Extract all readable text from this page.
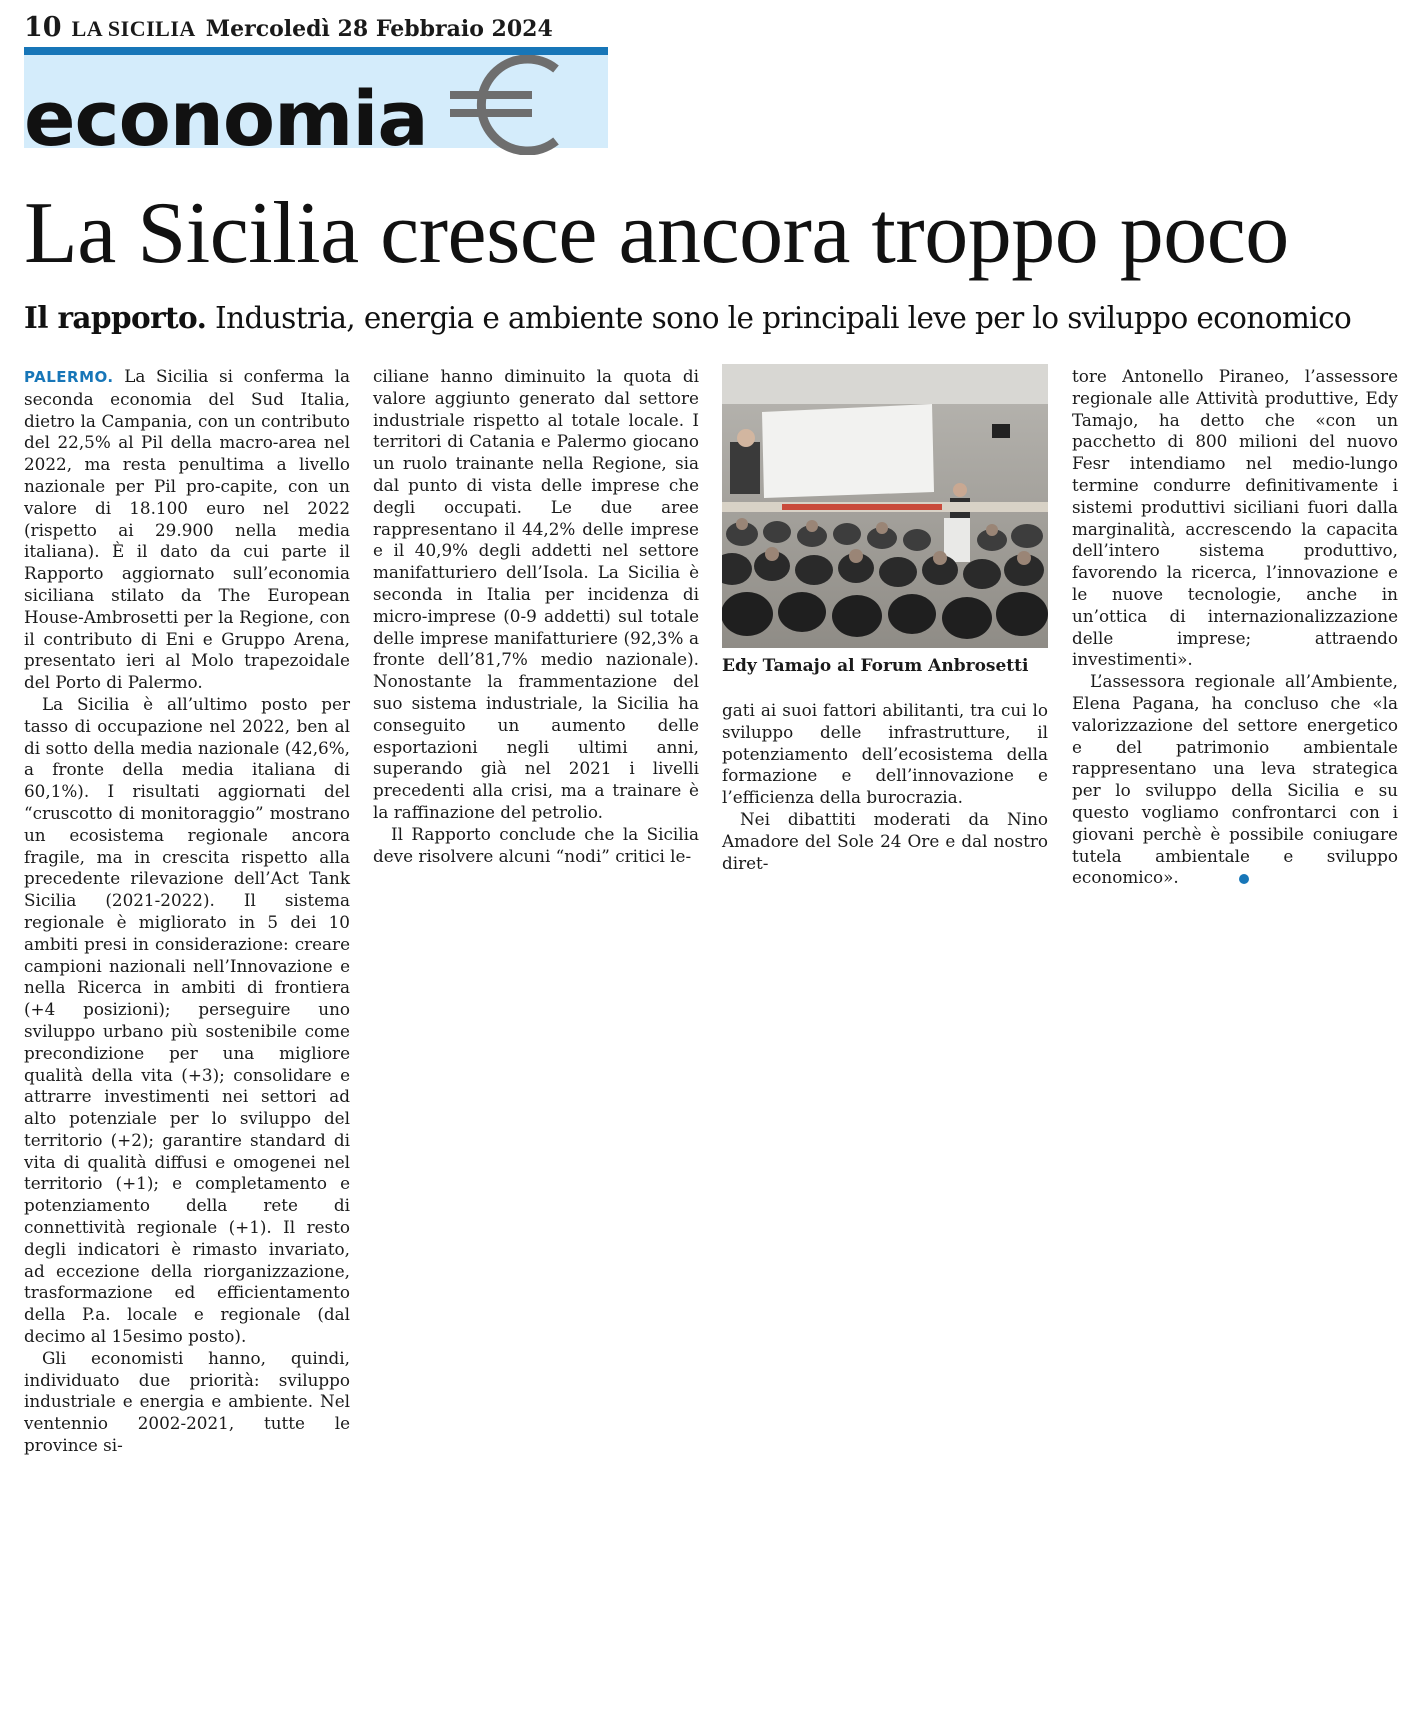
10 LA SICILIA Mercoledì 28 Febbraio 2024
economia
La Sicilia cresce ancora troppo poco
Il rapporto. Industria, energia e ambiente sono le principali leve per lo sviluppo economico

PALERMO. La Sicilia si conferma la seconda economia del Sud Italia, dietro la Campania, con un contributo del 22,5% al Pil della macro-area nel 2022, ma resta penultima a livello nazionale per Pil pro-capite, con un valore di 18.100 euro nel 2022 (rispetto ai 29.900 nella media italiana). È il dato da cui parte il Rapporto aggiornato sull’economia siciliana stilato da The European House-Ambrosetti per la Regione, con il contributo di Eni e Gruppo Arena, presentato ieri al Molo trapezoidale del Porto di Palermo.

La Sicilia è all’ultimo posto per tasso di occupazione nel 2022, ben al di sotto della media nazionale (42,6%, a fronte della media italiana di 60,1%). I risultati aggiornati del “cruscotto di monitoraggio” mostrano un ecosistema regionale ancora fragile, ma in crescita rispetto alla precedente rilevazione dell’Act Tank Sicilia (2021-2022). Il sistema regionale è migliorato in 5 dei 10 ambiti presi in considerazione: creare campioni nazionali nell’Innovazione e nella Ricerca in ambiti di frontiera (+4 posizioni); perseguire uno sviluppo urbano più sostenibile come precondizione per una migliore qualità della vita (+3); consolidare e attrarre investimenti nei settori ad alto potenziale per lo sviluppo del territorio (+2); garantire standard di vita di qualità diffusi e omogenei nel territorio (+1); e completamento e potenziamento della rete di connettività regionale (+1). Il resto degli indicatori è rimasto invariato, ad eccezione della riorganizzazione, trasformazione ed efficientamento della P.a. locale e regionale (dal decimo al 15esimo posto).

Gli economisti hanno, quindi, individuato due priorità: sviluppo industriale e energia e ambiente. Nel ventennio 2002-2021, tutte le province si-

ciliane hanno diminuito la quota di valore aggiunto generato dal settore industriale rispetto al totale locale. I territori di Catania e Palermo giocano un ruolo trainante nella Regione, sia dal punto di vista delle imprese che degli occupati. Le due aree rappresentano il 44,2% delle imprese e il 40,9% degli addetti nel settore manifatturiero dell’Isola. La Sicilia è seconda in Italia per incidenza di micro-imprese (0-9 addetti) sul totale delle imprese manifatturiere (92,3% a fronte dell’81,7% medio nazionale). Nonostante la frammentazione del suo sistema industriale, la Sicilia ha conseguito un aumento delle esportazioni negli ultimi anni, superando già nel 2021 i livelli precedenti alla crisi, ma a trainare è la raffinazione del petrolio.

Il Rapporto conclude che la Sicilia deve risolvere alcuni “nodi” critici le-

Edy Tamajo al Forum Anbrosetti

gati ai suoi fattori abilitanti, tra cui lo sviluppo delle infrastrutture, il potenziamento dell’ecosistema della formazione e dell’innovazione e l’efficienza della burocrazia.

Nei dibattiti moderati da Nino Amadore del Sole 24 Ore e dal nostro diret-

tore Antonello Piraneo, l’assessore regionale alle Attività produttive, Edy Tamajo, ha detto che «con un pacchetto di 800 milioni del nuovo Fesr intendiamo nel medio-lungo termine condurre definitivamente i sistemi produttivi siciliani fuori dalla marginalità, accrescendo la capacita dell’intero sistema produttivo, favorendo la ricerca, l’innovazione e le nuove tecnologie, anche in un’ottica di internazionalizzazione delle imprese; attraendo investimenti».

L’assessora regionale all’Ambiente, Elena Pagana, ha concluso che «la valorizzazione del settore energetico e del patrimonio ambientale rappresentano una leva strategica per lo sviluppo della Sicilia e su questo vogliamo confrontarci con i giovani perchè è possibile coniugare tutela ambientale e sviluppo economico».
